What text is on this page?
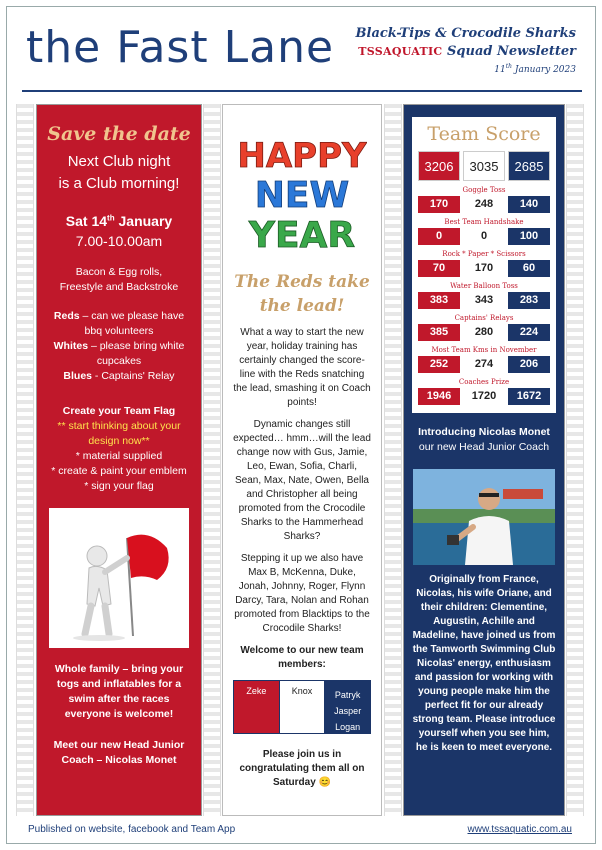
the Fast Lane Black-Tips & Crocodile Sharks
TSSAQUATIC Squad Newsletter
11th January 2023
Save the date
Next Club night
is a Club morning!
Sat 14th January
7.00-10.00am
Bacon & Egg rolls,
Freestyle and Backstroke
Reds – can we please have bbq volunteers
Whites – please bring white cupcakes
Blues - Captains' Relay
Create your Team Flag
** start thinking about your design now**
* material supplied
* create & paint your emblem
* sign your flag
Whole family – bring your togs and inflatables for a swim after the races everyone is welcome!
Meet our new Head Junior Coach – Nicolas Monet
HAPPY
NEW
YEAR
The Reds take the lead!
What a way to start the new year, holiday training has certainly changed the score-line with the Reds snatching the lead, smashing it on Coach points!
Dynamic changes still expected… hmm…will the lead change now with Gus, Jamie, Leo, Ewan, Sofia, Charli, Sean, Max, Nate, Owen, Bella and Christopher all being promoted from the Crocodile Sharks to the Hammerhead Sharks?
Stepping it up we also have Max B, McKenna, Duke, Jonah, Johnny, Roger, Flynn Darcy, Tara, Nolan and Rohan promoted from Blacktips to the Crocodile Sharks!
Welcome to our new team members:
Zeke	Knox	Patryk
Jasper
Logan
Harry
Please join us in congratulating them all on Saturday 😊
Team Score
3206	3035	2685
Goggle Toss
170	248	140
Best Team Handshake
0	0	100
Rock * Paper * Scissors
70	170	60
Water Balloon Toss
383	343	283
Captains' Relays
385	280	224
Most Team Kms in November
252	274	206
Coaches Prize
1946	1720	1672
Introducing Nicolas Monet
our new Head Junior Coach
Originally from France, Nicolas, his wife Oriane, and their children: Clementine, Augustin, Achille and Madeline, have joined us from the Tamworth Swimming Club Nicolas' energy, enthusiasm and passion for working with young people make him the perfect fit for our already strong team. Please introduce yourself when you see him, he is keen to meet everyone.
Published on website, facebook and Team App	www.tssaquatic.com.au
